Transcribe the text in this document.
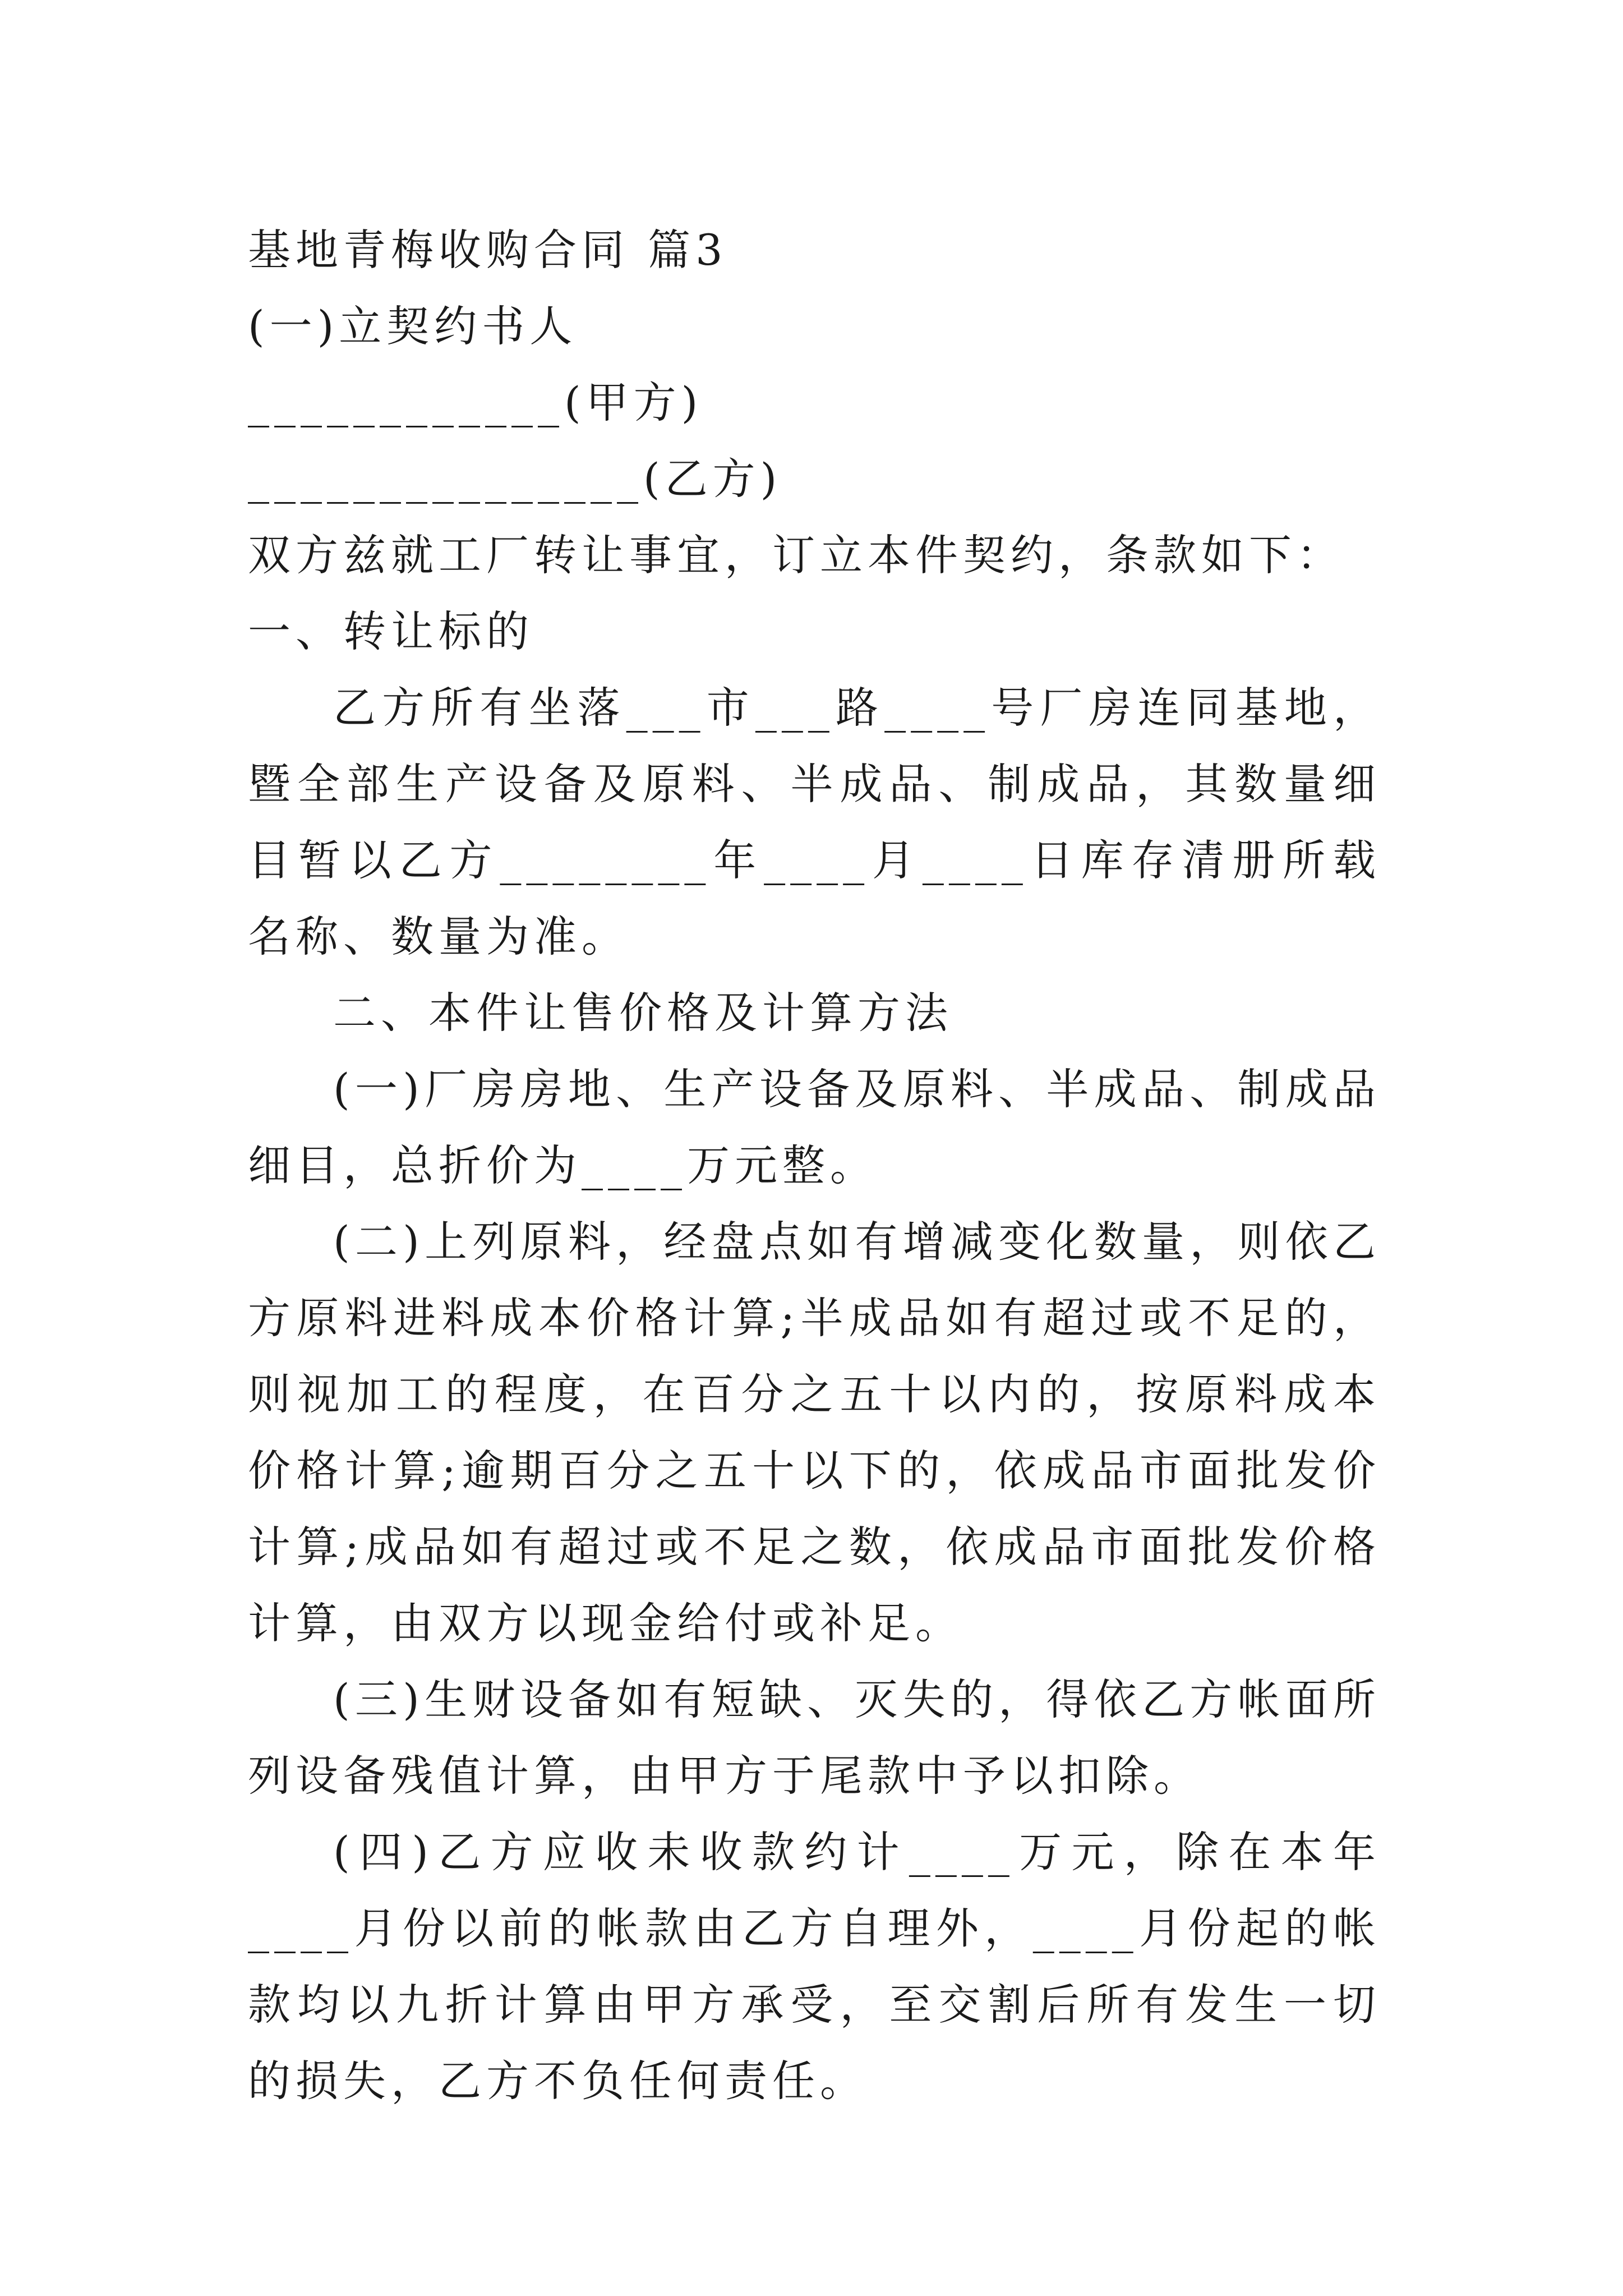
基地青梅收购合同 篇3
(一)立契约书人
____________(甲方)
_______________(乙方)
双方兹就工厂转让事宜，订立本件契约，条款如下：
一、转让标的

乙方所有坐落___市___路____号厂房连同基地，暨全部生产设备及原料、半成品、制成品，其数量细目暂以乙方________年____月____日库存清册所载名称、数量为准。

二、本件让售价格及计算方法

(一)厂房房地、生产设备及原料、半成品、制成品细目，总折价为____万元整。

(二)上列原料，经盘点如有增减变化数量，则依乙方原料进料成本价格计算;半成品如有超过或不足的，则视加工的程度，在百分之五十以内的，按原料成本价格计算;逾期百分之五十以下的，依成品市面批发价计算;成品如有超过或不足之数，依成品市面批发价格计算，由双方以现金给付或补足。

(三)生财设备如有短缺、灭失的，得依乙方帐面所列设备残值计算，由甲方于尾款中予以扣除。

(四)乙方应收未收款约计____万元，除在本年____月份以前的帐款由乙方自理外，____月份起的帐款均以九折计算由甲方承受，至交割后所有发生一切的损失，乙方不负任何责任。
